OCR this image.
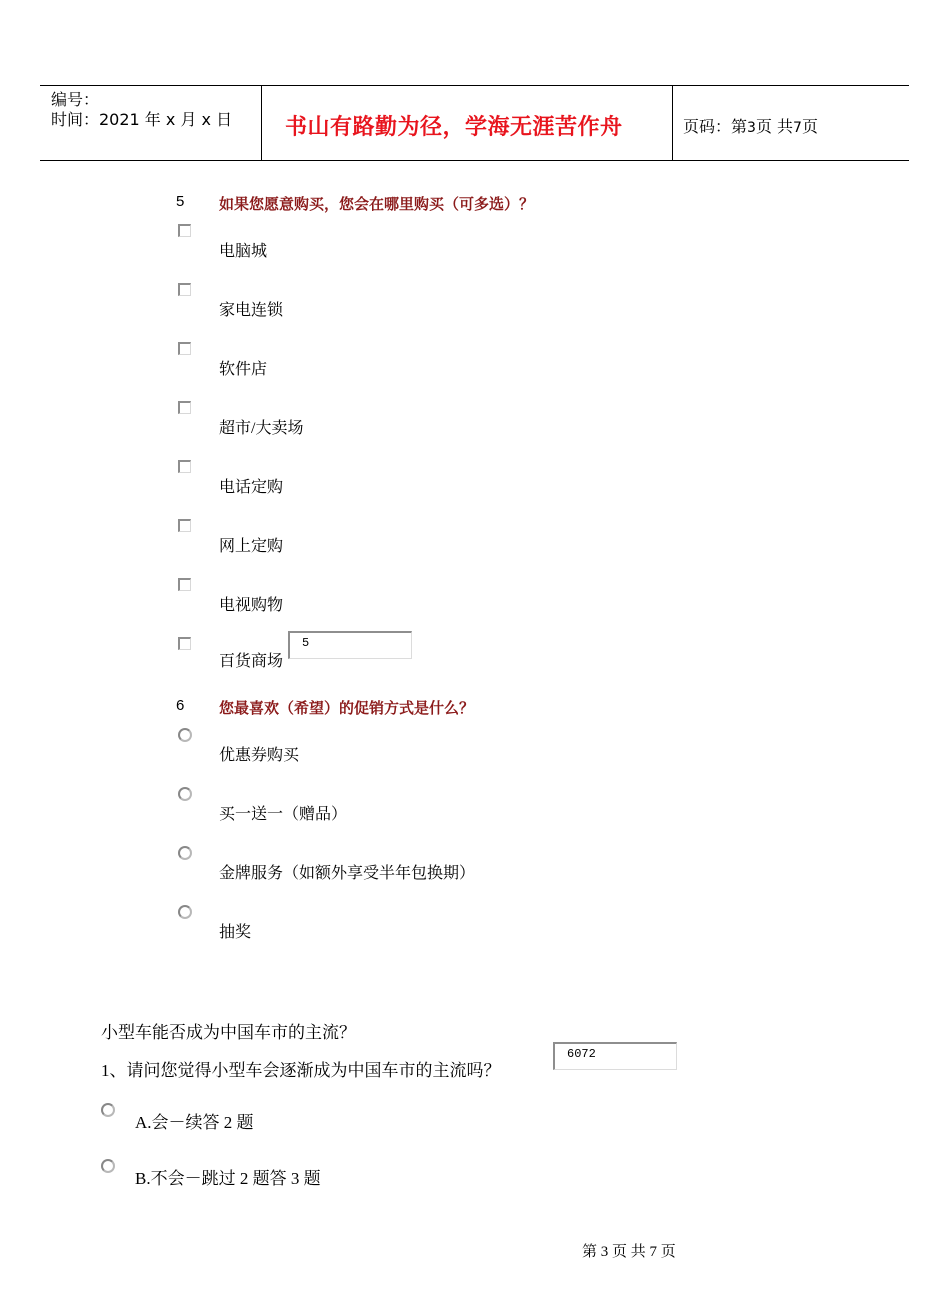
编号：
时间：2021 年 x 月 x 日 书山有路勤为径，学海无涯苦作舟	页码：第3页 共7页
5 如果您愿意购买，您会在哪里购买（可多选）？
电脑城
家电连锁
软件店
超市/大卖场
电话定购
网上定购
电视购物
百货商场
5
6 您最喜欢（希望）的促销方式是什么？
优惠券购买
买一送一（赠品）
金牌服务（如额外享受半年包换期）
抽奖
小型车能否成为中国车市的主流？
1、请问您觉得小型车会逐渐成为中国车市的主流吗？
6072
A.会－续答 2 题
B.不会－跳过 2 题答 3 题
第 3 页 共 7 页
